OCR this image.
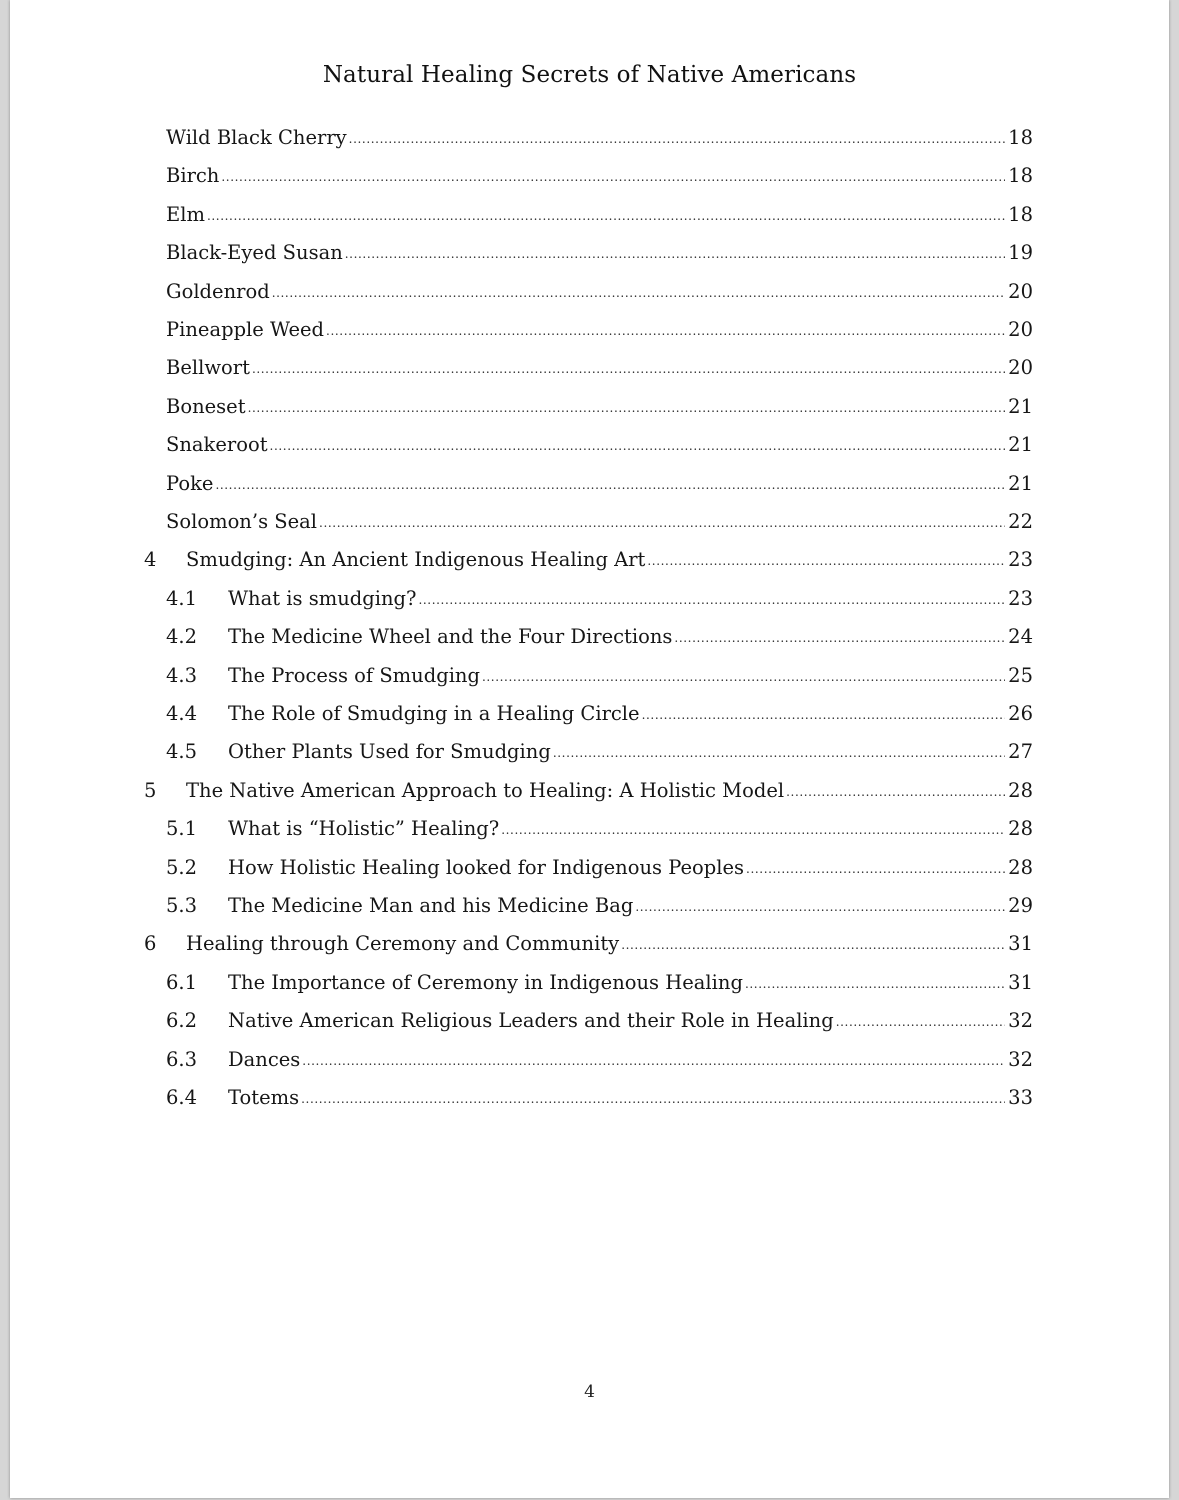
Natural Healing Secrets of Native Americans
Wild Black Cherry .....	18
Birch .....	18
Elm .....	18
Black-Eyed Susan .....	19
Goldenrod .....	20
Pineapple Weed .....	20
Bellwort .....	20
Boneset .....	21
Snakeroot .....	21
Poke .....	21
Solomon’s Seal .....	22
4	Smudging: An Ancient Indigenous Healing Art .....	23
4.1	What is smudging? .....	23
4.2	The Medicine Wheel and the Four Directions .....	24
4.3	The Process of Smudging .....	25
4.4	The Role of Smudging in a Healing Circle .....	26
4.5	Other Plants Used for Smudging .....	27
5	The Native American Approach to Healing: A Holistic Model .....	28
5.1	What is “Holistic” Healing? .....	28
5.2	How Holistic Healing looked for Indigenous Peoples .....	28
5.3	The Medicine Man and his Medicine Bag .....	29
6	Healing through Ceremony and Community .....	31
6.1	The Importance of Ceremony in Indigenous Healing .....	31
6.2	Native American Religious Leaders and their Role in Healing .....	32
6.3	Dances .....	32
6.4	Totems .....	33
4
